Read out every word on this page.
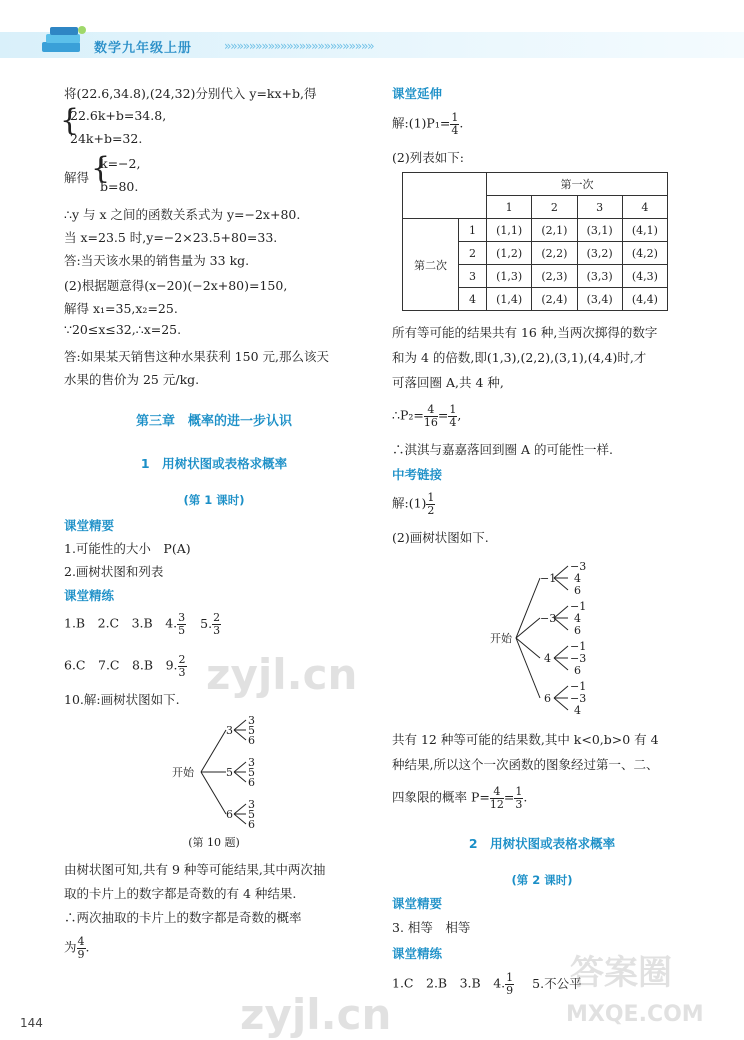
数学九年级上册	»»»»»»»»»»»»»»»»»»»»»»»»
将(22.6,34.8),(24,32)分别代入 y=kx+b,得
{
22.6k+b=34.8,
24k+b=32.
解得 {
k=−2,
b=80.
∴y 与 x 之间的函数关系式为 y=−2x+80.
当 x=23.5 时,y=−2×23.5+80=33.
答:当天该水果的销售量为 33 kg.
(2)根据题意得(x−20)(−2x+80)=150,
解得 x₁=35,x₂=25.
∵20≤x≤32,∴x=25.
答:如果某天销售这种水果获利 150 元,那么该天
水果的售价为 25 元/kg.
第三章　概率的进一步认识
1　用树状图或表格求概率
(第 1 课时)
课堂精要
1.可能性的大小　P(A)
2.画树状图和列表
课堂精练
1.B　2.C　3.B　4. $\frac{3}{5} 5$. $\frac{2}{3}$
6.C　7.C　8.B　9. $\frac{2}{3}$
10.解:画树状图如下.
开始
3
5
6
3
5
6
3
5
6
3
5
6
(第 10 题)
由树状图可知,共有 9 种等可能结果,其中两次抽
取的卡片上的数字都是奇数的有 4 种结果.
∴两次抽取的卡片上的数字都是奇数的概率
为 $\frac{4}{9}$ .
144
课堂延伸
解:(1)P₁= $\frac{1}{4}$ .
(2)列表如下:
		第一次			
		1	2	3	4
第二次	1	(1,1)	(2,1)	(3,1)	(4,1)
	2	(1,2)	(2,2)	(3,2)	(4,2)
	3	(1,3)	(2,3)	(3,3)	(4,3)
	4	(1,4)	(2,4)	(3,4)	(4,4)
所有等可能的结果共有 16 种,当两次掷得的数字
和为 4 的倍数,即(1,3),(2,2),(3,1),(4,4)时,才
可落回圈 A,共 4 种,
∴P₂= $\frac{4}{16} = \frac{1}{4}$ ,
∴淇淇与嘉嘉落回到圈 A 的可能性一样.
中考链接
解:(1) $\frac{1}{2}$
(2)画树状图如下.
开始
−1
−3
4
6
−3
4
6
−1
4
6
−1
−3
6
−1
−3
4
共有 12 种等可能的结果数,其中 k<0,b>0 有 4
种结果,所以这个一次函数的图象经过第一、二、
四象限的概率 $P= \frac{4}{12} = \frac{1}{3}$ .
2　用树状图或表格求概率
(第 2 课时)
课堂精要
3. 相等　相等
课堂精练
1.C　2.B　3.B　4. $\frac{1}{9} 5$.不公平
zyjl.cn
zyjl.cn
答案圈
MXQE.COM
